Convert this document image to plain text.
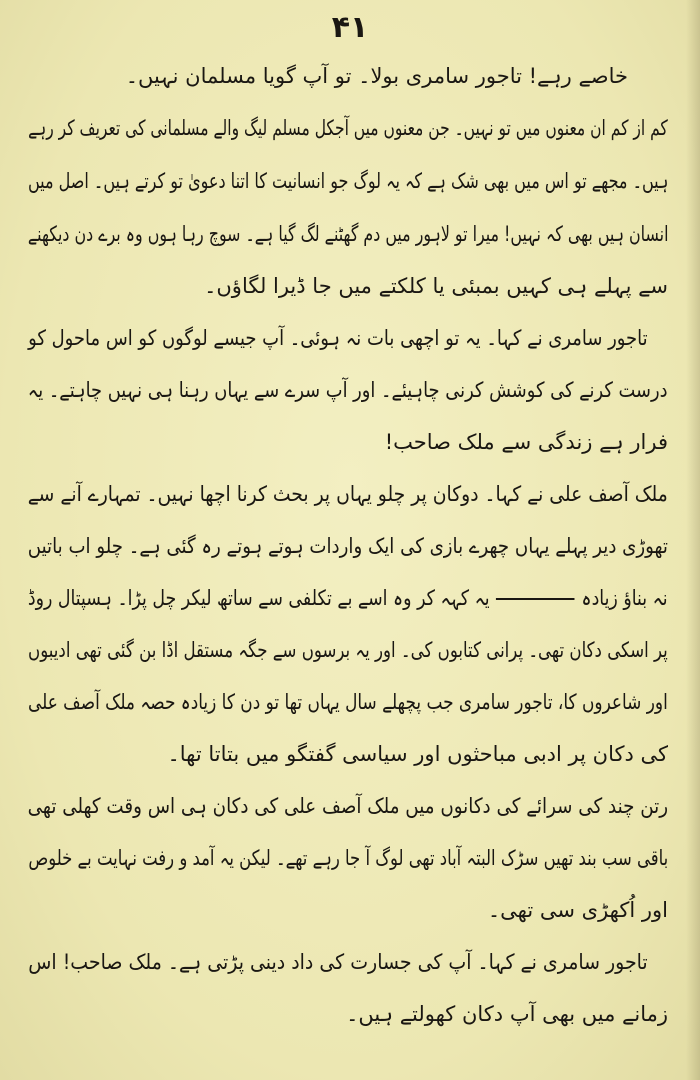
۴۱
خاصے رہے! تاجور سامری بولا۔ تو آپ گویا مسلمان نہیں۔
کم از کم ان معنوں میں تو نہیں۔ جن معنوں میں آجکل مسلم لیگ والے مسلمانی کی تعریف کر رہے
ہیں۔ مجھے تو اس میں بھی شک ہے کہ یہ لوگ جو انسانیت کا اتنا دعویٰ تو کرتے ہیں۔ اصل میں
انسان ہیں بھی کہ نہیں! میرا تو لاہور میں دم گھٹنے لگ گیا ہے۔ سوچ رہا ہوں وہ برے دن دیکھنے
سے پہلے ہی کہیں بمبئی یا کلکتے میں جا ڈیرا لگاؤں۔
تاجور سامری نے کہا۔ یہ تو اچھی بات نہ ہوئی۔ آپ جیسے لوگوں کو اس ماحول کو
درست کرنے کی کوشش کرنی چاہیئے۔ اور آپ سرے سے یہاں رہنا ہی نہیں چاہتے۔ یہ
فرار ہے زندگی سے ملک صاحب!
ملک آصف علی نے کہا۔ دوکان پر چلو یہاں پر بحث کرنا اچھا نہیں۔ تمہارے آنے سے
تھوڑی دیر پہلے یہاں چھرے بازی کی ایک واردات ہوتے ہوتے رہ گئی ہے۔ چلو اب باتیں
نہ بناؤ زیادہیہ کہہ کر وہ اسے بے تکلفی سے ساتھ لیکر چل پڑا۔ ہسپتال روڈ
پر اسکی دکان تھی۔ پرانی کتابوں کی۔ اور یہ برسوں سے جگہ مستقل اڈا بن گئی تھی ادیبوں
اور شاعروں کا، تاجور سامری جب پچھلے سال یہاں تھا تو دن کا زیادہ حصہ ملک آصف علی
کی دکان پر ادبی مباحثوں اور سیاسی گفتگو میں بتاتا تھا۔
رتن چند کی سرائے کی دکانوں میں ملک آصف علی کی دکان ہی اس وقت کھلی تھی
باقی سب بند تھیں سڑک البتہ آباد تھی لوگ آ جا رہے تھے۔ لیکن یہ آمد و رفت نہایت بے خلوص
اور اُکھڑی سی تھی۔
تاجور سامری نے کہا۔ آپ کی جسارت کی داد دینی پڑتی ہے۔ ملک صاحب! اس
زمانے میں بھی آپ دکان کھولتے ہیں۔
